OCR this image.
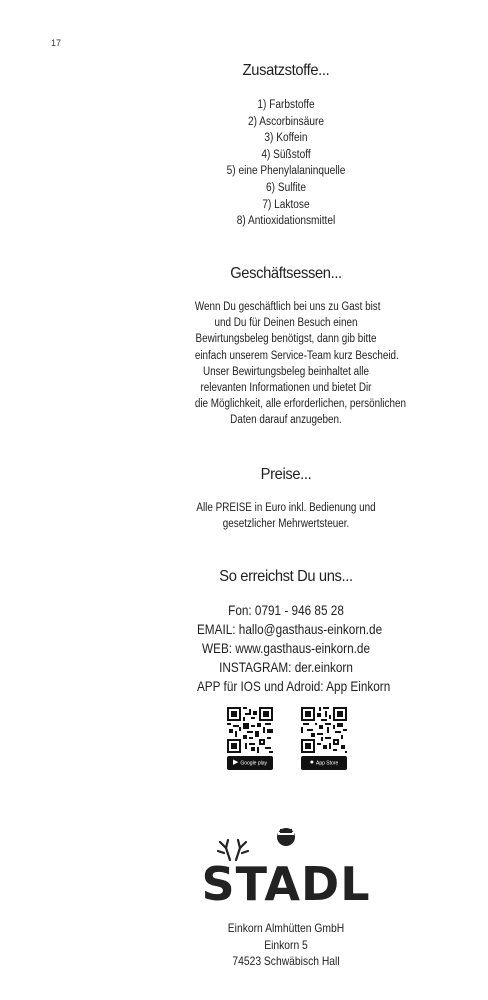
17
Zusatzstoffe...
1) Farbstoffe
2) Ascorbinsäure
3) Koffein
4) Süßstoff
5) eine Phenylalaninquelle
6) Sulfite
7) Laktose
8) Antioxidationsmittel
Geschäftsessen...
Wenn Du geschäftlich bei uns zu Gast bist
und Du für Deinen Besuch einen
Bewirtungsbeleg benötigst, dann gib bitte
einfach unserem Service-Team kurz Bescheid.
Unser Bewirtungsbeleg beinhaltet alle
relevanten Informationen und bietet Dir
die Möglichkeit, alle erforderlichen, persönlichen
Daten darauf anzugeben.
Preise...
Alle PREISE in Euro inkl. Bedienung und
gesetzlicher Mehrwertsteuer.
So erreichst Du uns...
Fon: 0791 - 946 85 28
EMAIL: hallo@gasthaus-einkorn.de
WEB: www.gasthaus-einkorn.de
INSTAGRAM: der.einkorn
APP für IOS und Adroid: App Einkorn
▶ Google play	● App Store
STADL
Einkorn Almhütten GmbH
Einkorn 5
74523 Schwäbisch Hall
